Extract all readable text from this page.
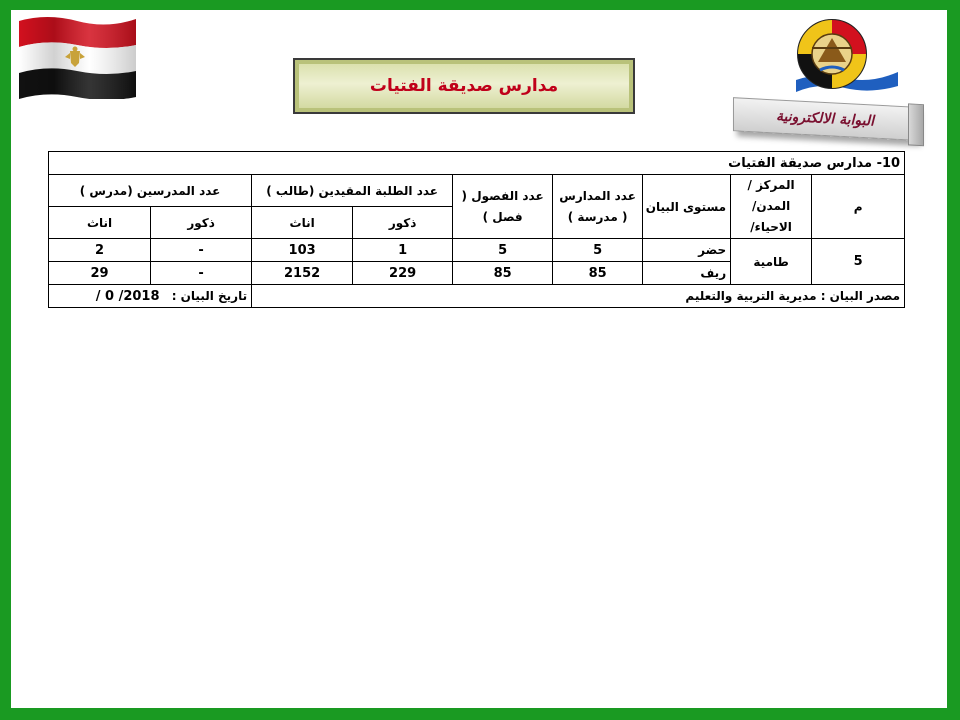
مدارس صديقة الفتيات
البوابة الالكترونية
10- مدارس صديقة الفتيات								
م	المركز /المدن/الاحياء/	مستوى البيان	عدد المدارس ( مدرسة )	عدد الفصول ( فصل )	عدد الطلبة المقيدين (طالب )		عدد المدرسين (مدرس )	
					ذكور	اناث	ذكور	اناث
5	طامية	حضر	5	5	1	103	-	2
		ريف	85	85	229	2152	-	29
مصدر البيان : مديرية التربية والتعليم							تاريخ البيان : 2018/ 0 /	
